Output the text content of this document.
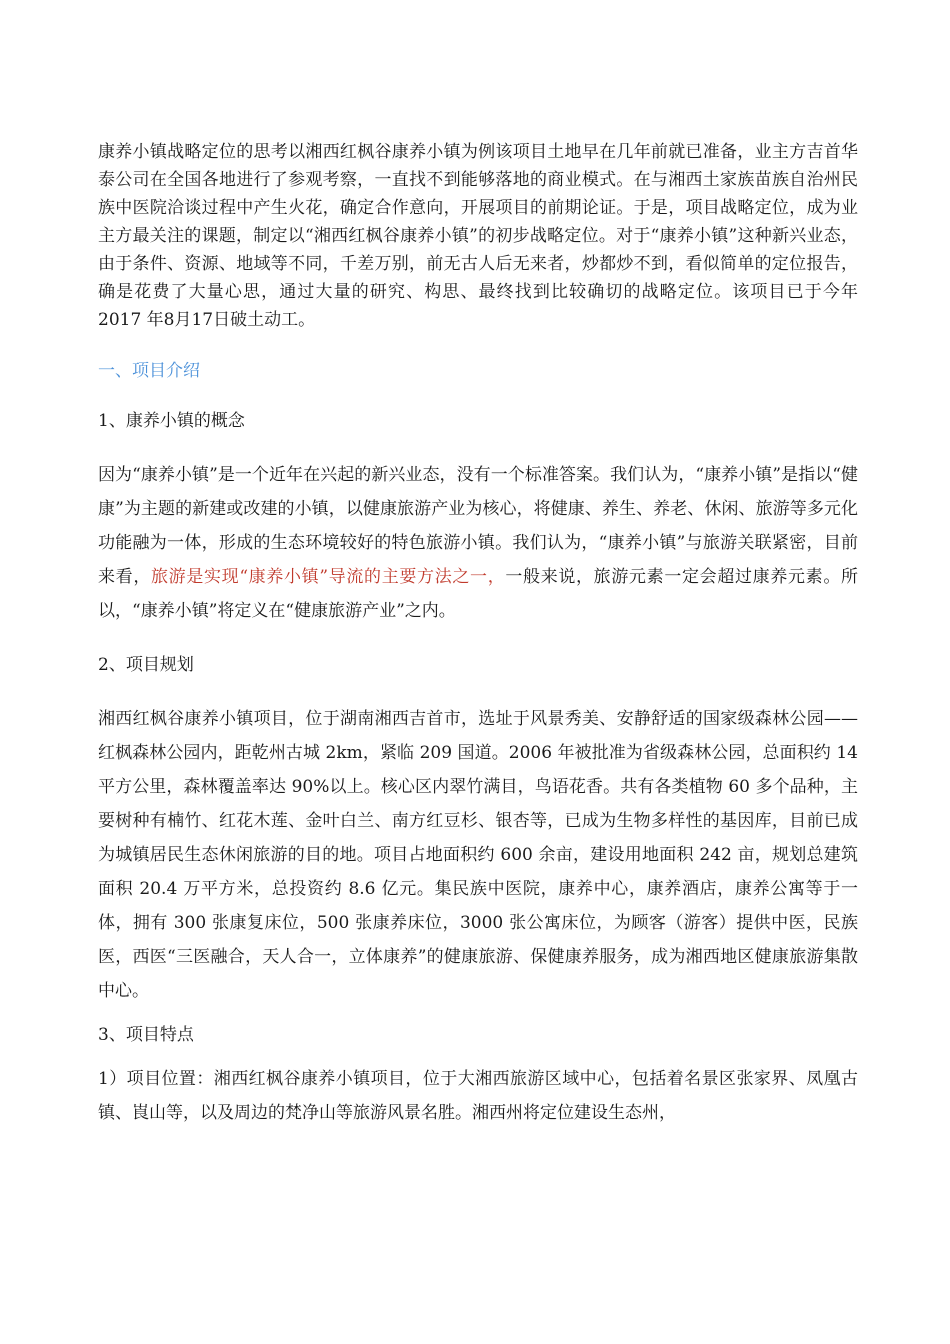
康养小镇战略定位的思考以湘西红枫谷康养小镇为例该项目土地早在几年前就已准备，业主方吉首华泰公司在全国各地进行了参观考察，一直找不到能够落地的商业模式。在与湘西土家族苗族自治州民族中医院洽谈过程中产生火花，确定合作意向，开展项目的前期论证。于是，项目战略定位，成为业主方最关注的课题，制定以“湘西红枫谷康养小镇”的初步战略定位。对于“康养小镇”这种新兴业态，由于条件、资源、地域等不同，千差万别，前无古人后无来者，炒都炒不到，看似简单的定位报告，确是花费了大量心思，通过大量的研究、构思、最终找到比较确切的战略定位。该项目已于今年 2017 年8月17日破土动工。

一、项目介绍

1、康养小镇的概念

因为“康养小镇”是一个近年在兴起的新兴业态，没有一个标准答案。我们认为，“康养小镇”是指以“健康”为主题的新建或改建的小镇，以健康旅游产业为核心，将健康、养生、养老、休闲、旅游等多元化功能融为一体，形成的生态环境较好的特色旅游小镇。我们认为，“康养小镇”与旅游关联紧密，目前来看，旅游是实现“康养小镇”导流的主要方法之一，一般来说，旅游元素一定会超过康养元素。所以，“康养小镇”将定义在“健康旅游产业”之内。

2、项目规划

湘西红枫谷康养小镇项目，位于湖南湘西吉首市，选址于风景秀美、安静舒适的国家级森林公园——红枫森林公园内，距乾州古城 2km，紧临 209 国道。2006 年被批准为省级森林公园，总面积约 14 平方公里，森林覆盖率达 90%以上。核心区内翠竹满目，鸟语花香。共有各类植物 60 多个品种，主要树种有楠竹、红花木莲、金叶白兰、南方红豆杉、银杏等，已成为生物多样性的基因库，目前已成为城镇居民生态休闲旅游的目的地。项目占地面积约 600 余亩，建设用地面积 242 亩，规划总建筑面积 20.4 万平方米，总投资约 8.6 亿元。集民族中医院，康养中心，康养酒店，康养公寓等于一体，拥有 300 张康复床位，500 张康养床位，3000 张公寓床位，为顾客（游客）提供中医，民族医，西医“三医融合，天人合一，立体康养”的健康旅游、保健康养服务，成为湘西地区健康旅游集散中心。

3、项目特点

1）项目位置：湘西红枫谷康养小镇项目，位于大湘西旅游区域中心，包括着名景区张家界、凤凰古镇、崀山等，以及周边的梵净山等旅游风景名胜。湘西州将定位建设生态州，
